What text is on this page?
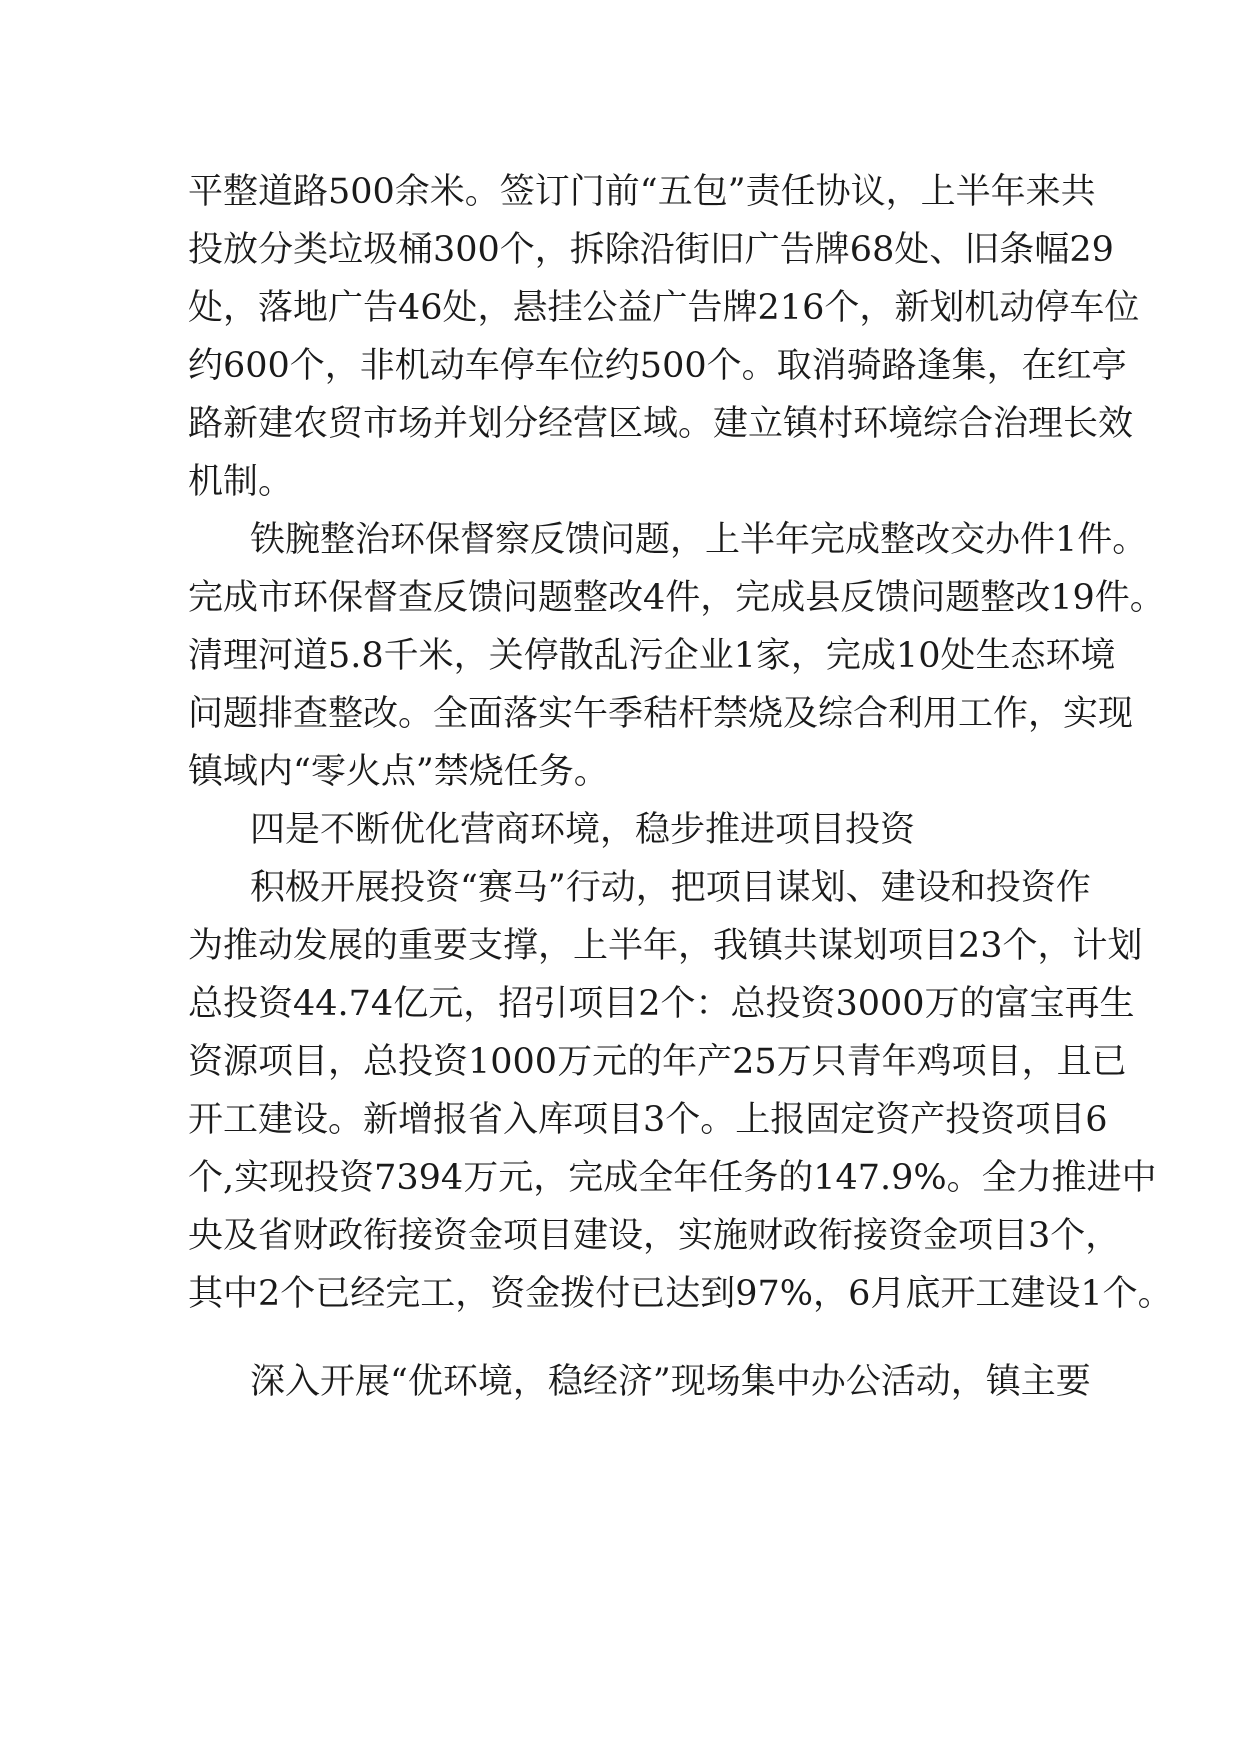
平整道路500余米。签订门前“五包”责任协议，上半年来共
投放分类垃圾桶300个，拆除沿街旧广告牌68处、旧条幅29
处，落地广告46处，悬挂公益广告牌216个，新划机动停车位
约600个，非机动车停车位约500个。取消骑路逢集，在红亭
路新建农贸市场并划分经营区域。建立镇村环境综合治理长效
机制。
铁腕整治环保督察反馈问题，上半年完成整改交办件1件。
完成市环保督查反馈问题整改4件，完成县反馈问题整改19件。
清理河道5.8千米，关停散乱污企业1家，完成10处生态环境
问题排查整改。全面落实午季秸杆禁烧及综合利用工作，实现
镇域内“零火点”禁烧任务。
四是不断优化营商环境，稳步推进项目投资
积极开展投资“赛马”行动，把项目谋划、建设和投资作
为推动发展的重要支撑，上半年，我镇共谋划项目23个，计划
总投资44.74亿元，招引项目2个：总投资3000万的富宝再生
资源项目，总投资1000万元的年产25万只青年鸡项目，且已
开工建设。新增报省入库项目3个。上报固定资产投资项目6
个,实现投资7394万元，完成全年任务的147.9%。全力推进中
央及省财政衔接资金项目建设，实施财政衔接资金项目3个，
其中2个已经完工，资金拨付已达到97%，6月底开工建设1个。
深入开展“优环境，稳经济”现场集中办公活动，镇主要
